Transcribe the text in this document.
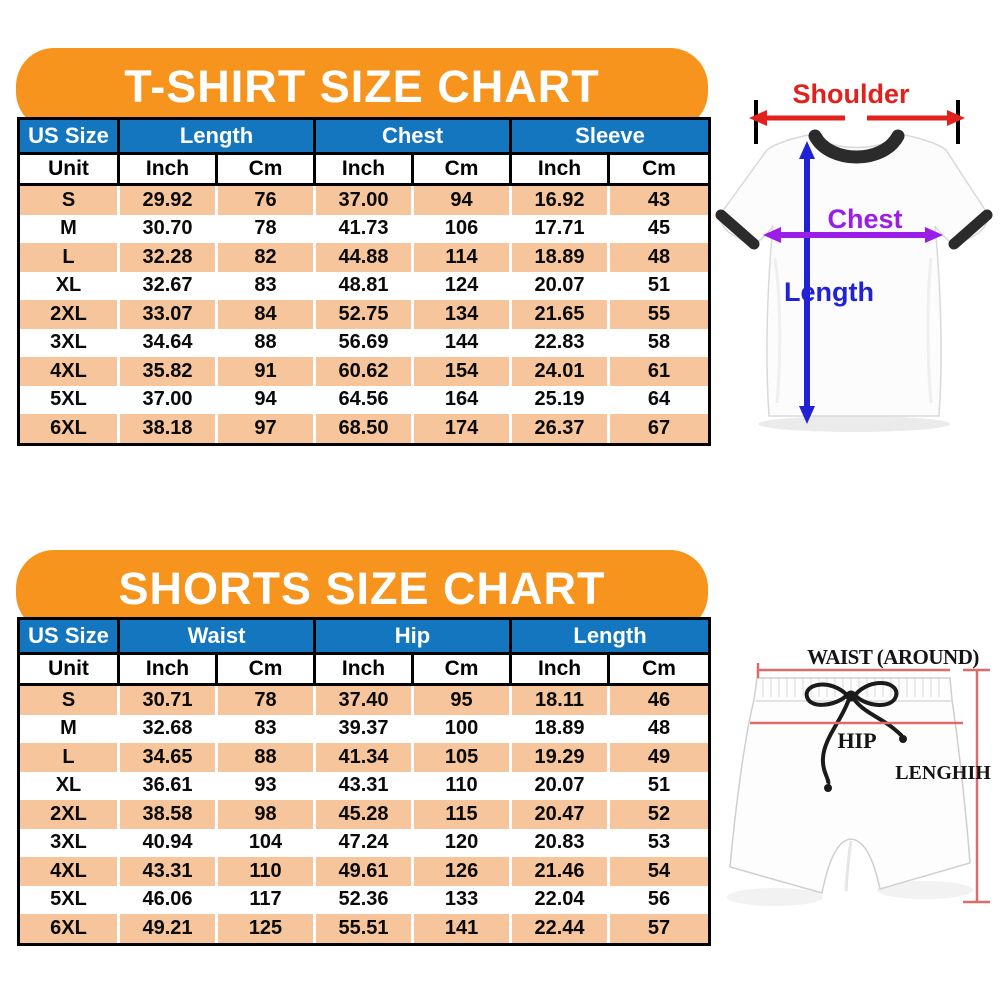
T-SHIRT SIZE CHART
US Size	Length		Chest		Sleeve	
Unit	Inch	Cm	Inch	Cm	Inch	Cm
S	29.92	76	37.00	94	16.92	43
M	30.70	78	41.73	106	17.71	45
L	32.28	82	44.88	114	18.89	48
XL	32.67	83	48.81	124	20.07	51
2XL	33.07	84	52.75	134	21.65	55
3XL	34.64	88	56.69	144	22.83	58
4XL	35.82	91	60.62	154	24.01	61
5XL	37.00	94	64.56	164	25.19	64
6XL	38.18	97	68.50	174	26.37	67
Shoulder
Length
Chest
SHORTS SIZE CHART
US Size	Waist		Hip		Length	
Unit	Inch	Cm	Inch	Cm	Inch	Cm
S	30.71	78	37.40	95	18.11	46
M	32.68	83	39.37	100	18.89	48
L	34.65	88	41.34	105	19.29	49
XL	36.61	93	43.31	110	20.07	51
2XL	38.58	98	45.28	115	20.47	52
3XL	40.94	104	47.24	120	20.83	53
4XL	43.31	110	49.61	126	21.46	54
5XL	46.06	117	52.36	133	22.04	56
6XL	49.21	125	55.51	141	22.44	57
WAIST (AROUND)
HIP
LENGHIH
